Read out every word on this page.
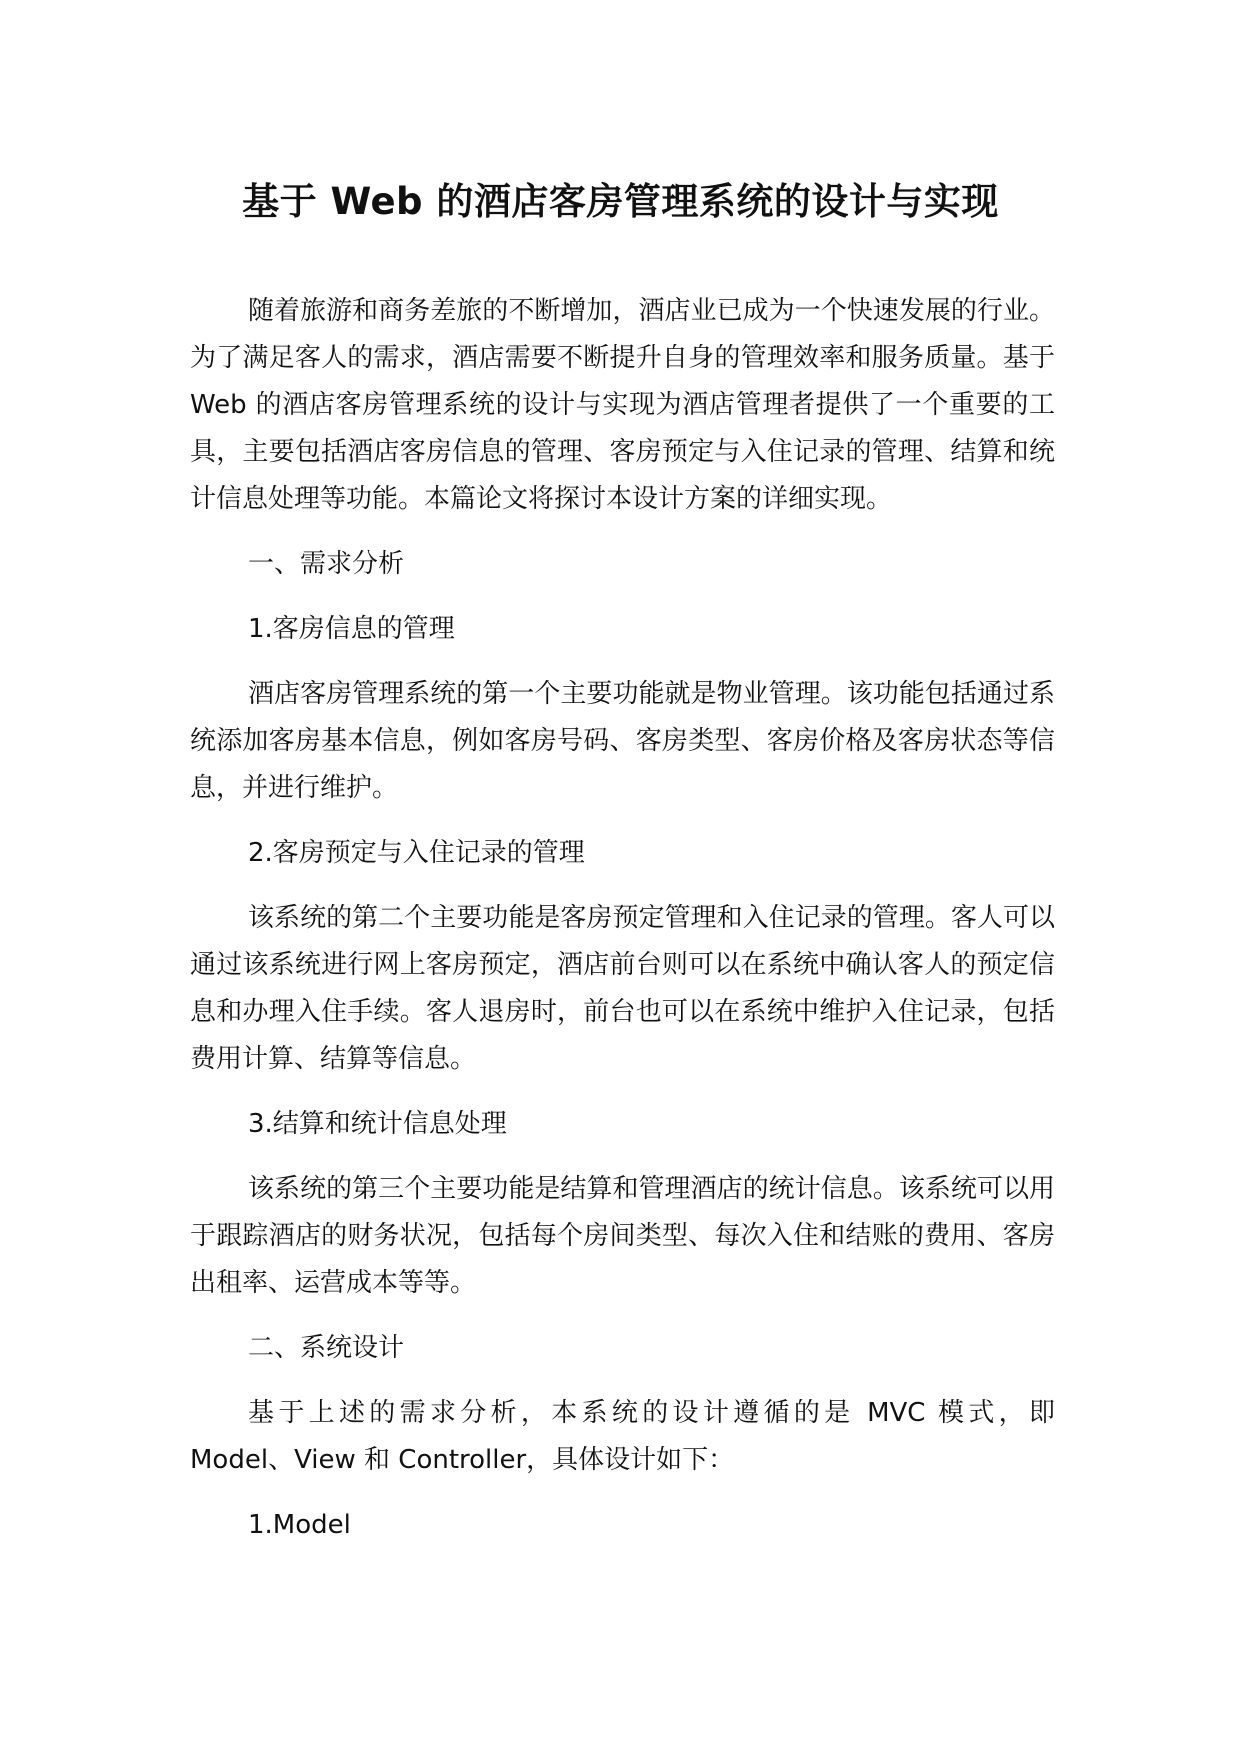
基于 Web 的酒店客房管理系统的设计与实现

随着旅游和商务差旅的不断增加，酒店业已成为一个快速发展的行业。为了满足客人的需求，酒店需要不断提升自身的管理效率和服务质量。基于 Web 的酒店客房管理系统的设计与实现为酒店管理者提供了一个重要的工具，主要包括酒店客房信息的管理、客房预定与入住记录的管理、结算和统计信息处理等功能。本篇论文将探讨本设计方案的详细实现。

一、需求分析

1.客房信息的管理

酒店客房管理系统的第一个主要功能就是物业管理。该功能包括通过系统添加客房基本信息，例如客房号码、客房类型、客房价格及客房状态等信息，并进行维护。

2.客房预定与入住记录的管理

该系统的第二个主要功能是客房预定管理和入住记录的管理。客人可以通过该系统进行网上客房预定，酒店前台则可以在系统中确认客人的预定信息和办理入住手续。客人退房时，前台也可以在系统中维护入住记录，包括费用计算、结算等信息。

3.结算和统计信息处理

该系统的第三个主要功能是结算和管理酒店的统计信息。该系统可以用于跟踪酒店的财务状况，包括每个房间类型、每次入住和结账的费用、客房出租率、运营成本等等。

二、系统设计

基于上述的需求分析，本系统的设计遵循的是 MVC 模式，即 Model、View 和 Controller，具体设计如下：

1.Model
